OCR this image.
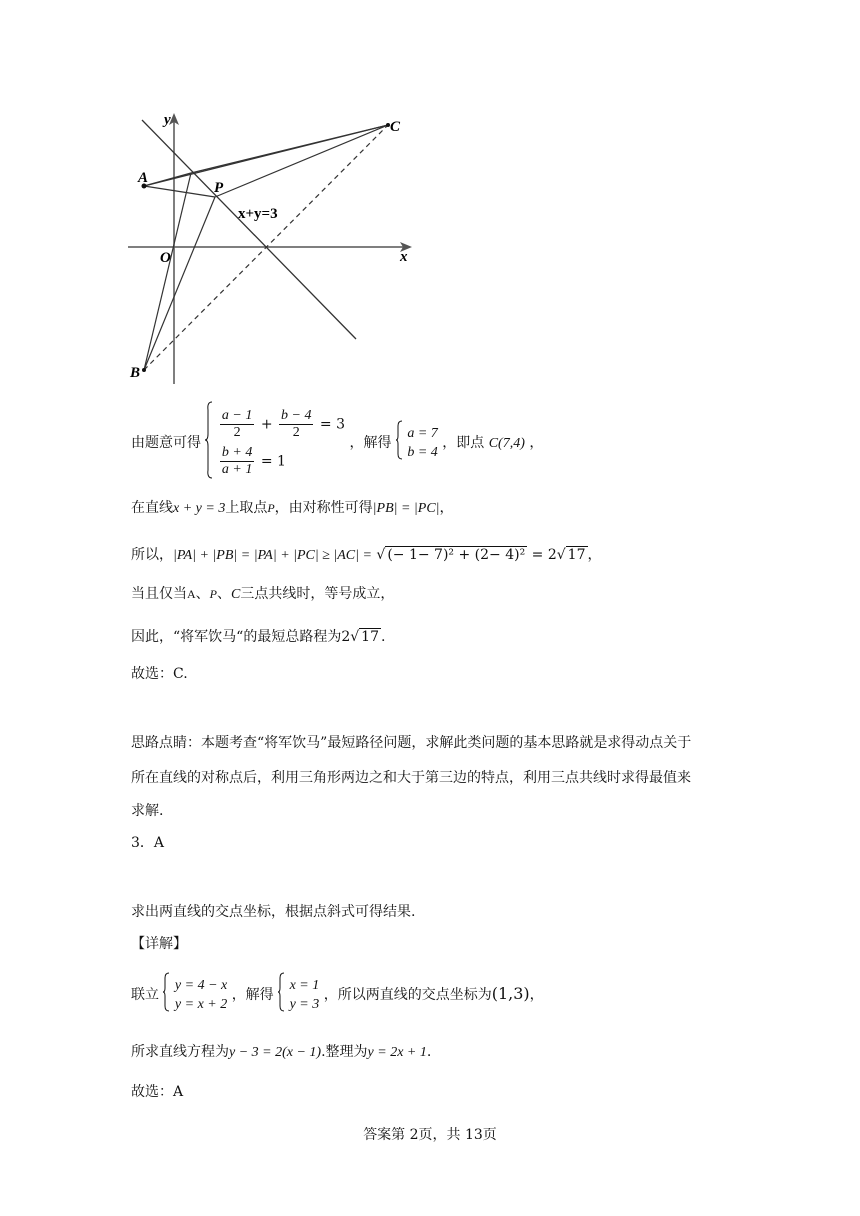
y
x
C
A
P
O
B
x+y=3
由题意可得
$\frac{a - 1}{2} + \frac{b - 4}{2} = 3$
$\frac{b + 4}{a + 1} = 1$
，解得
a = 7
b = 4
，即点 C(7,4) ，
在直线x + y = 3上取点P，由对称性可得|PB| = |PC|，
所以，|PA| + |PB| = |PA| + |PC| ≥ |AC| = √ (− 1− 7)² + (2− 4)² = 2√ 17 ，
当且仅当A、P、C三点共线时，等号成立，
因此，“将军饮马“的最短总路程为2√ 17 .
故选：C.
思路点睛：本题考查“将军饮马”最短路径问题，求解此类问题的基本思路就是求得动点关于
所在直线的对称点后，利用三角形两边之和大于第三边的特点，利用三点共线时求得最值来
求解.
3．A
求出两直线的交点坐标，根据点斜式可得结果.
【详解】
联立
y = 4 − x
y = x + 2
，解得
x = 1
y = 3
，所以两直线的交点坐标为(1,3)，
所求直线方程为y − 3 = 2(x − 1).整理为y = 2x + 1.
故选：A
答案第 2页，共 13页
